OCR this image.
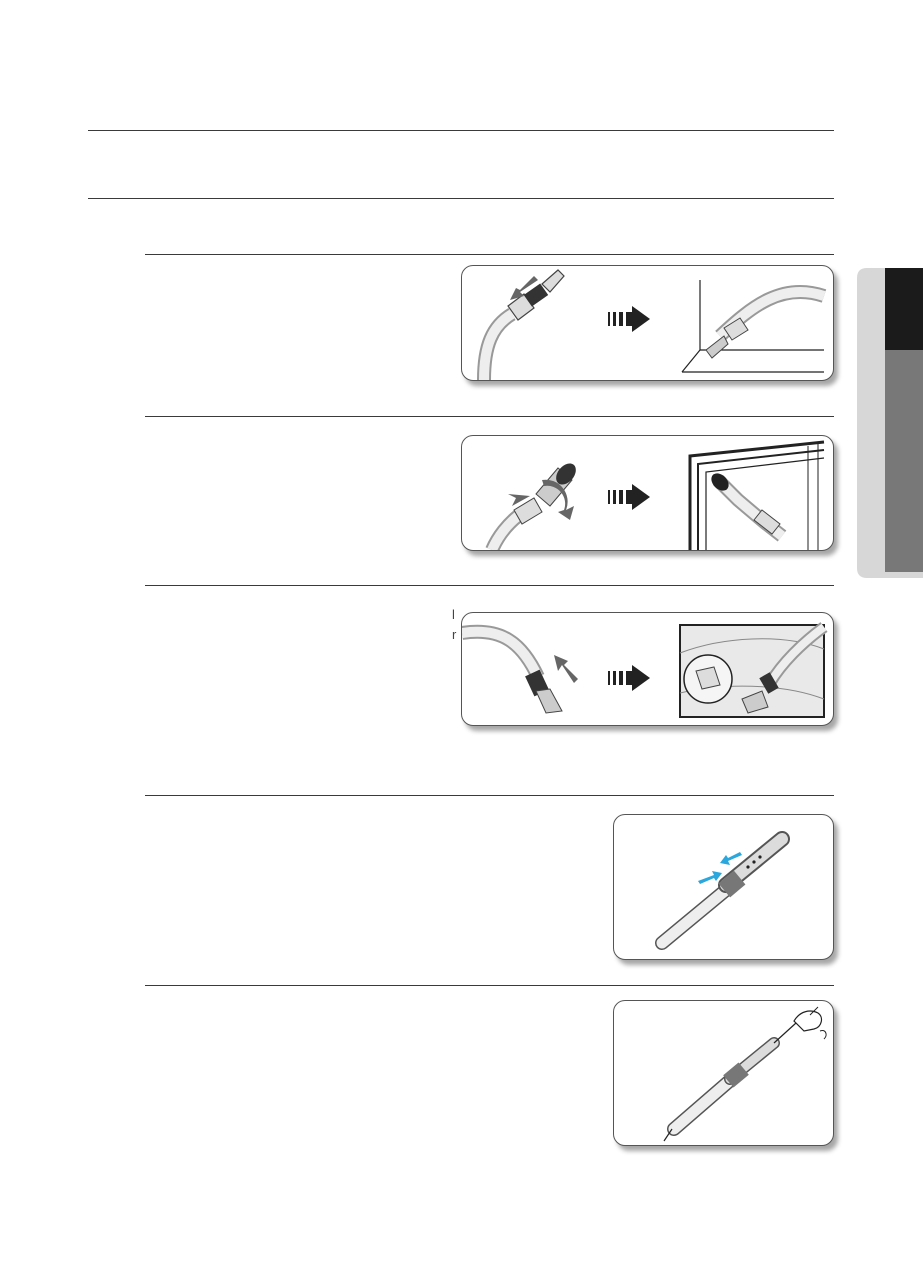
l
r
